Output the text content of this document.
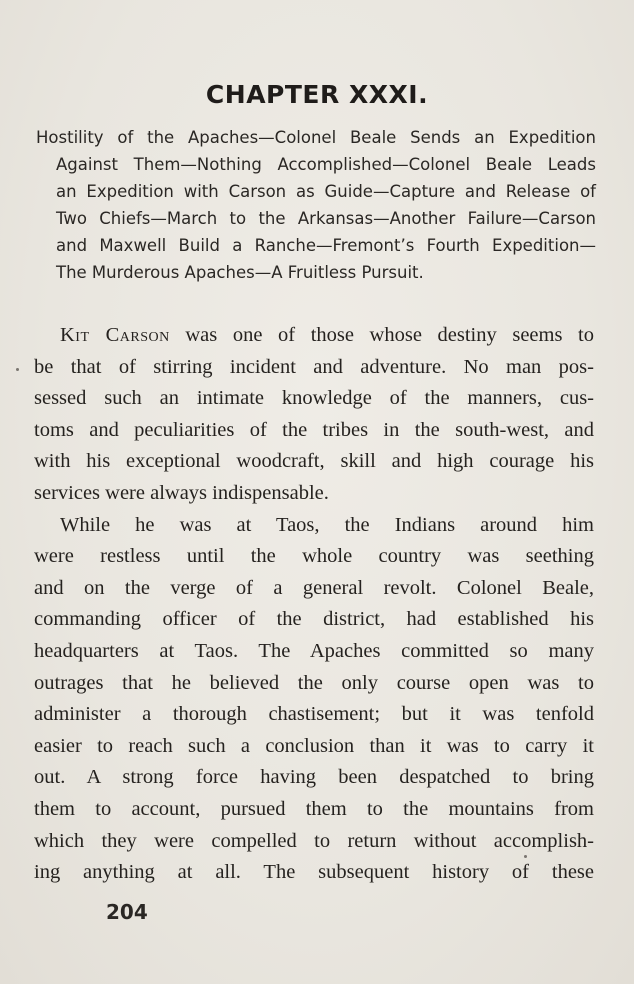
CHAPTER XXXI.
Hostility of the Apaches—Colonel Beale Sends an Expedition
Against Them—Nothing Accomplished—Colonel Beale Leads
an Expedition with Carson as Guide—Capture and Release of
Two Chiefs—March to the Arkansas—Another Failure—Carson
and Maxwell Build a Ranche—Fremont’s Fourth Expedition—
The Murderous Apaches—A Fruitless Pursuit.
Kit Carson was one of those whose destiny seems to
be that of stirring incident and adventure. No man pos-
sessed such an intimate knowledge of the manners, cus-
toms and peculiarities of the tribes in the south-west, and
with his exceptional woodcraft, skill and high courage his
services were always indispensable.
While he was at Taos, the Indians around him
were restless until the whole country was seething
and on the verge of a general revolt. Colonel Beale,
commanding officer of the district, had established his
headquarters at Taos. The Apaches committed so many
outrages that he believed the only course open was to
administer a thorough chastisement; but it was tenfold
easier to reach such a conclusion than it was to carry it
out. A strong force having been despatched to bring
them to account, pursued them to the mountains from
which they were compelled to return without accomplish-
ing anything at all. The subsequent history of these
204
